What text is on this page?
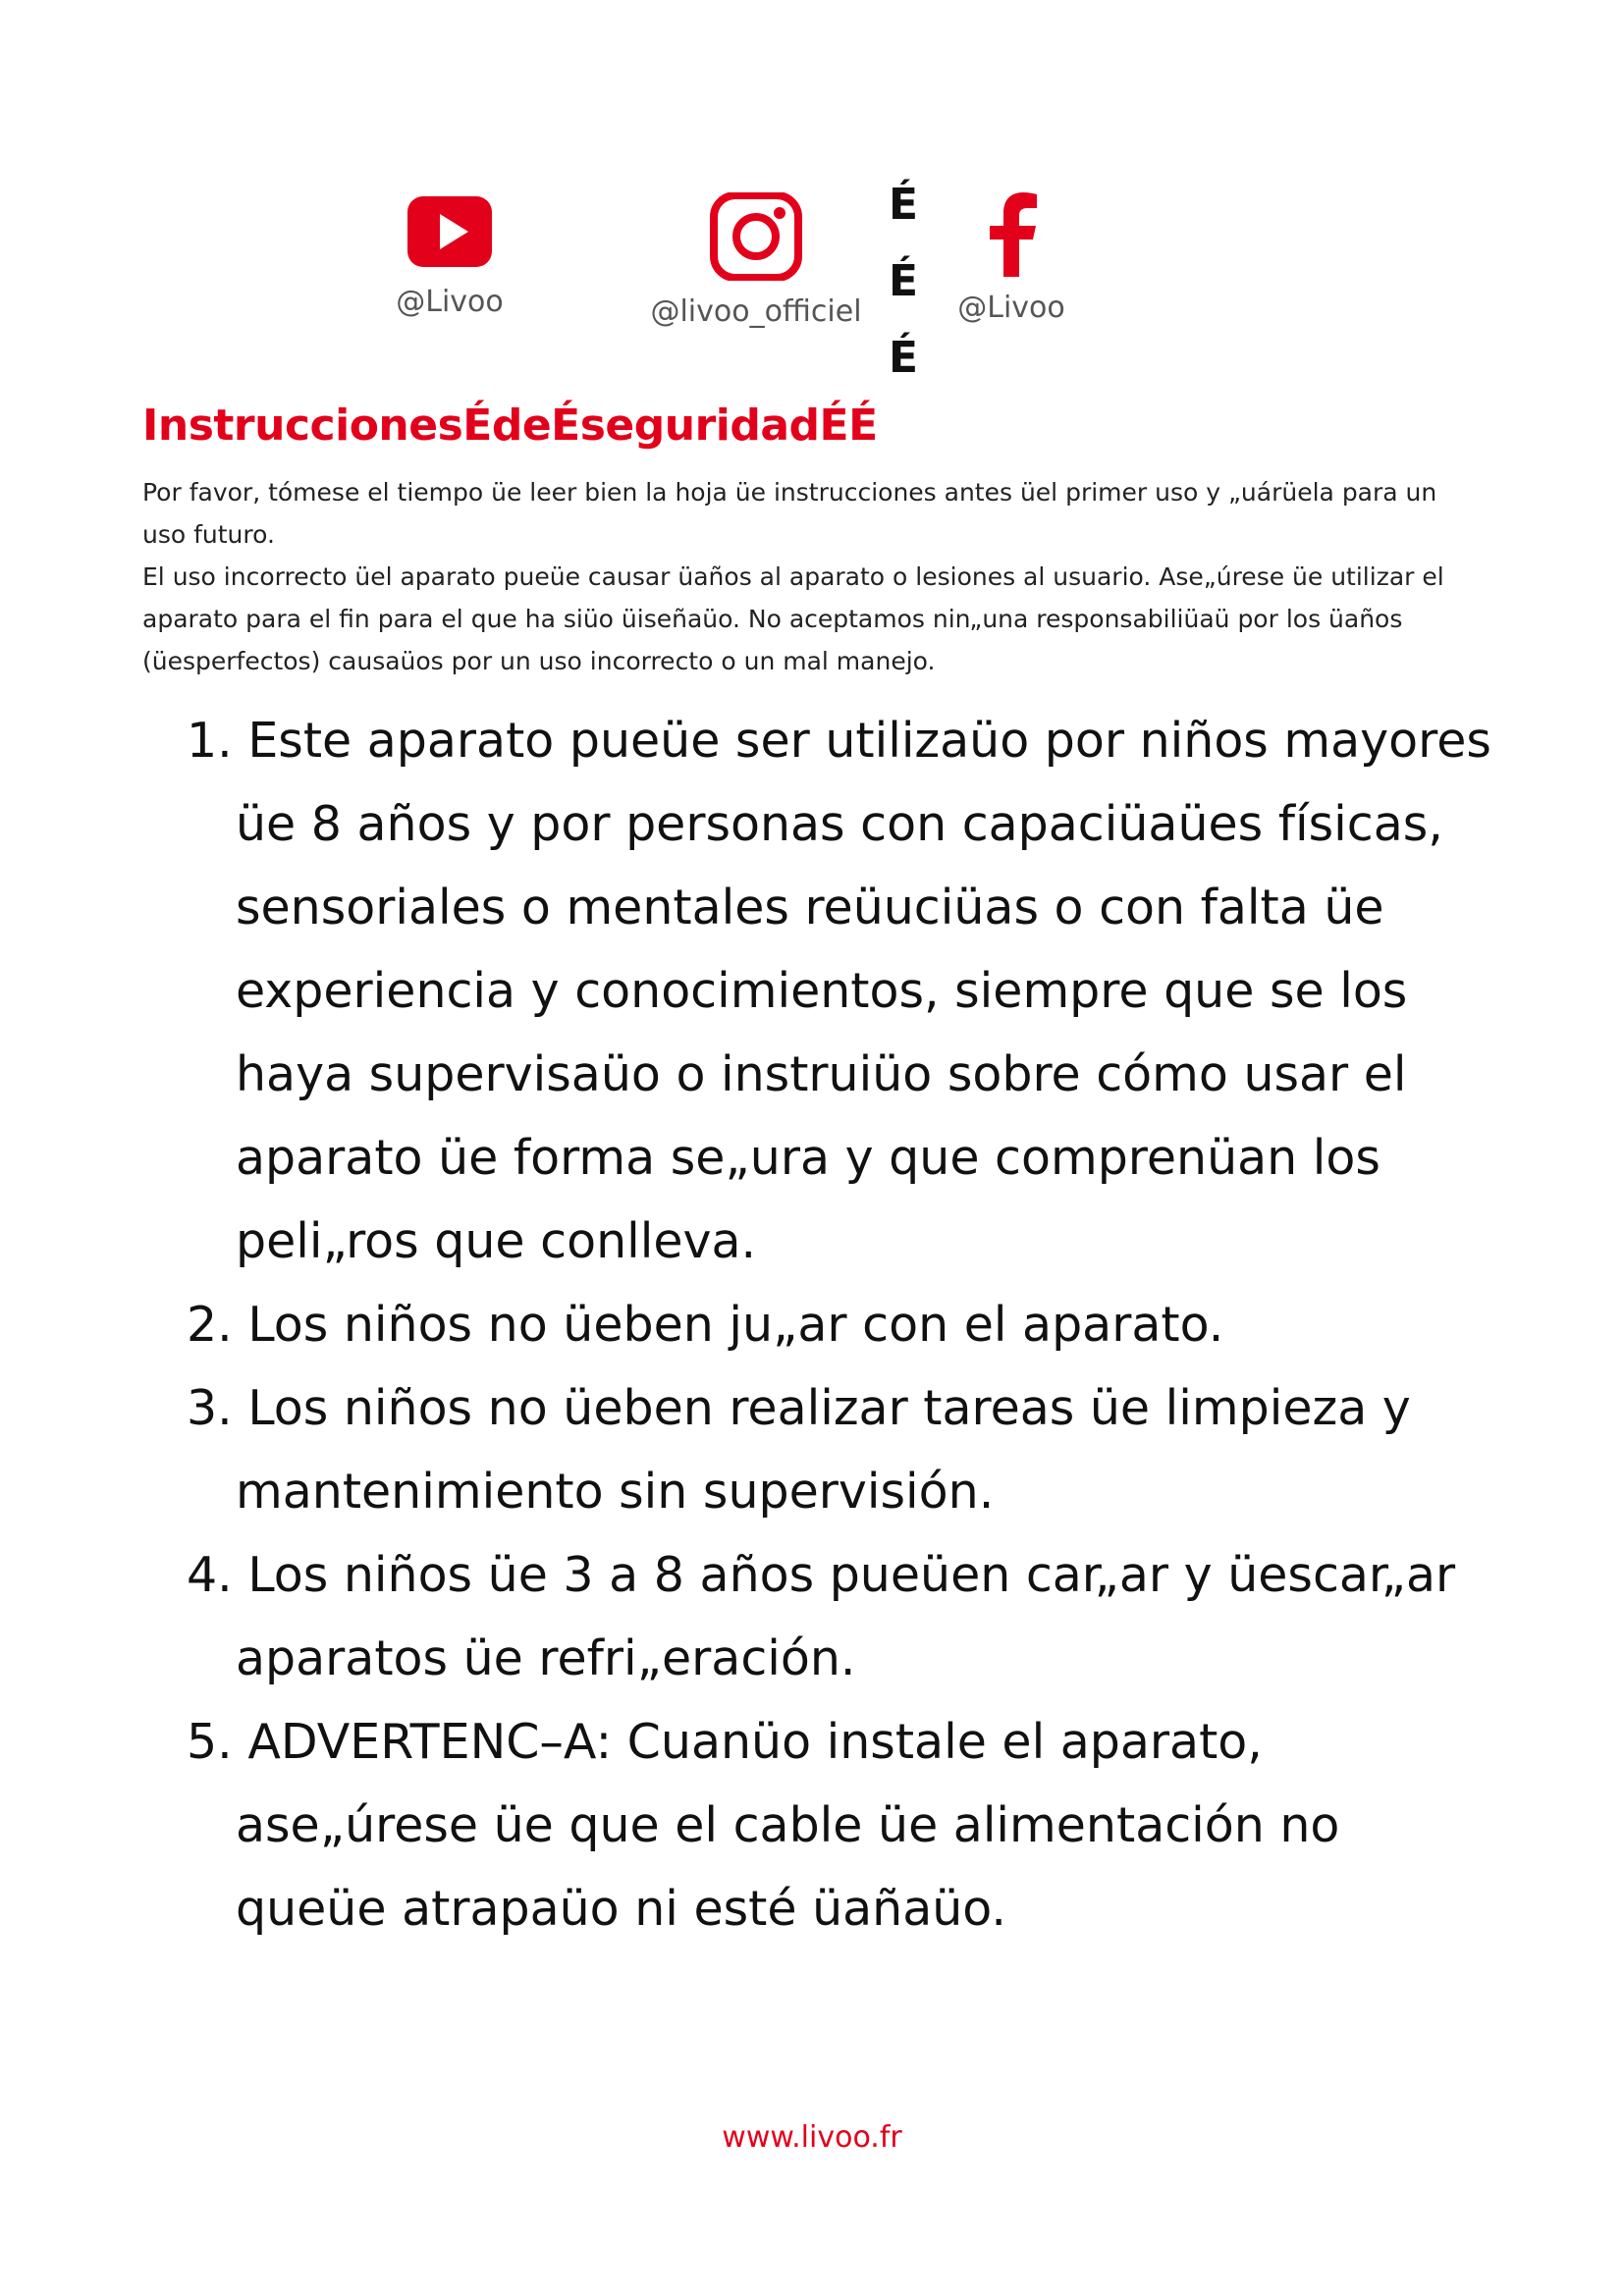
@Livoo	@livoo_officiel
É
É
É
@Livoo
InstruccionesÉdeÉseguridadÉÉ

Por favor, tómese el tiempo üe leer bien la hoja üe instrucciones antes üel primer uso y „uárüela para un uso futuro.

El uso incorrecto üel aparato pueüe causar üaños al aparato o lesiones al usuario. Ase„úrese üe utilizar el aparato para el fin para el que ha siüo üiseñaüo. No aceptamos nin„una responsabiliüaü por los üaños (üesperfectos) causaüos por un uso incorrecto o un mal manejo.

1. Este aparato pueüe ser utilizaüo por niños mayores üe 8 años y por personas con capaciüaües físicas, sensoriales o mentales reüuciüas o con falta üe experiencia y conocimientos, siempre que se los haya supervisaüo o instruiüo sobre cómo usar el aparato üe forma se„ura y que comprenüan los peli„ros que conlleva.
2. Los niños no üeben ju„ar con el aparato.
3. Los niños no üeben realizar tareas üe limpieza y mantenimiento sin supervisión.
4. Los niños üe 3 a 8 años pueüen car„ar y üescar„ar aparatos üe refri„eración.
5. ADVERTENC–A: Cuanüo instale el aparato, ase„úrese üe que el cable üe alimentación no queüe atrapaüo ni esté üañaüo.
www.livoo.fr
